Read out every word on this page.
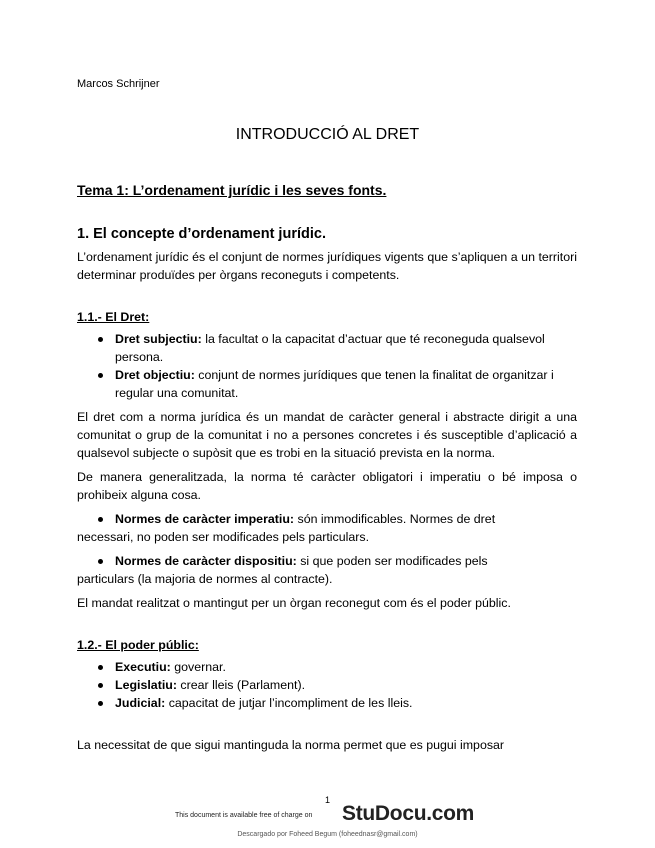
Marcos Schrijner
INTRODUCCIÓ AL DRET
Tema 1: L’ordenament jurídic i les seves fonts.
1. El concepte d’ordenament jurídic.

L’ordenament jurídic és el conjunt de normes jurídiques vigents que s’apliquen a un territori determinar produïdes per òrgans reconeguts i competents.

1.1.- El Dret:
Dret subjectiu: la facultat o la capacitat d’actuar que té reconeguda qualsevol persona.
Dret objectiu: conjunt de normes jurídiques que tenen la finalitat de organitzar i regular una comunitat.

El dret com a norma jurídica és un mandat de caràcter general i abstracte dirigit a una comunitat o grup de la comunitat i no a persones concretes i és susceptible d’aplicació a qualsevol subjecte o supòsit que es trobi en la situació prevista en la norma.

De manera generalitzada, la norma té caràcter obligatori i imperatiu o bé imposa o prohibeix alguna cosa.

Normes de caràcter imperatiu: són immodificables. Normes de dret
necessari, no poden ser modificades pels particulars.
Normes de caràcter dispositiu: si que poden ser modificades pels
particulars (la majoria de normes al contracte).

El mandat realitzat o mantingut per un òrgan reconegut com és el poder públic.

1.2.- El poder públic:
Executiu: governar.
Legislatiu: crear lleis (Parlament).
Judicial: capacitat de jutjar l’incompliment de les lleis.

La necessitat de que sigui mantinguda la norma permet que es pugui imposar

1
This document is available free of charge on StuDocu.com
Descargado por Foheed Begum (foheednasr@gmail.com)
